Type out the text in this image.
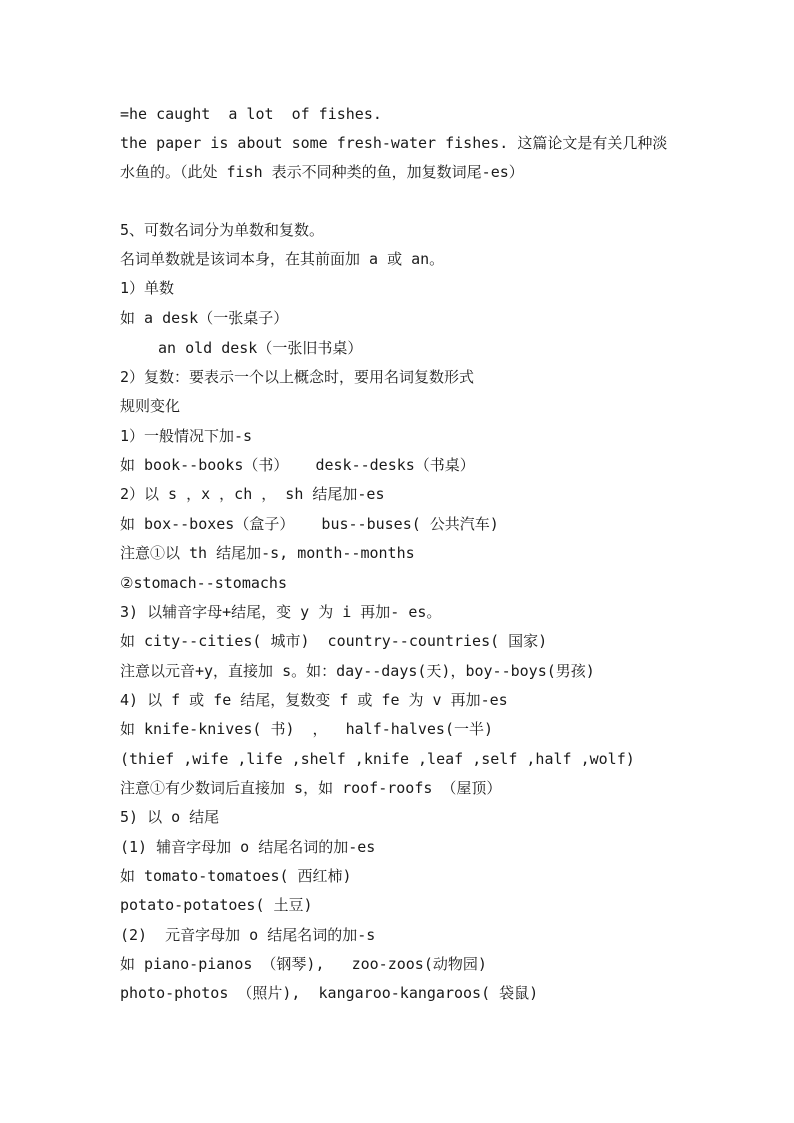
=he caught  a lot  of fishes.
the paper is about some fresh-water fishes. 这篇论文是有关几种淡
水鱼的。（此处 fish 表示不同种类的鱼，加复数词尾-es）
5、可数名词分为单数和复数。
名词单数就是该词本身，在其前面加 a 或 an。
1）单数
如 a desk（一张桌子）
an old desk（一张旧书桌）
2）复数：要表示一个以上概念时，要用名词复数形式
规则变化
1）一般情况下加-s
如 book--books（书）   desk--desks（书桌）
2）以 s ，x ，ch ， sh 结尾加-es
如 box--boxes（盒子）   bus--buses( 公共汽车)
注意①以 th 结尾加-s, month--months
②stomach--stomachs
3) 以辅音字母+结尾，变 y 为 i 再加- es。
如 city--cities( 城市)  country--countries( 国家)
注意以元音+y，直接加 s。如：day--days(天)，boy--boys(男孩)
4) 以 f 或 fe 结尾，复数变 f 或 fe 为 v 再加-es
如 knife-knives( 书)  ，  half-halves(一半)
(thief ,wife ,life ,shelf ,knife ,leaf ,self ,half ,wolf)
注意①有少数词后直接加 s，如 roof-roofs （屋顶）
5) 以 o 结尾
(1) 辅音字母加 o 结尾名词的加-es
如 tomato-tomatoes( 西红柿)
potato-potatoes( 土豆)
(2)  元音字母加 o 结尾名词的加-s
如 piano-pianos （钢琴),   zoo-zoos(动物园)
photo-photos （照片),  kangaroo-kangaroos( 袋鼠)
